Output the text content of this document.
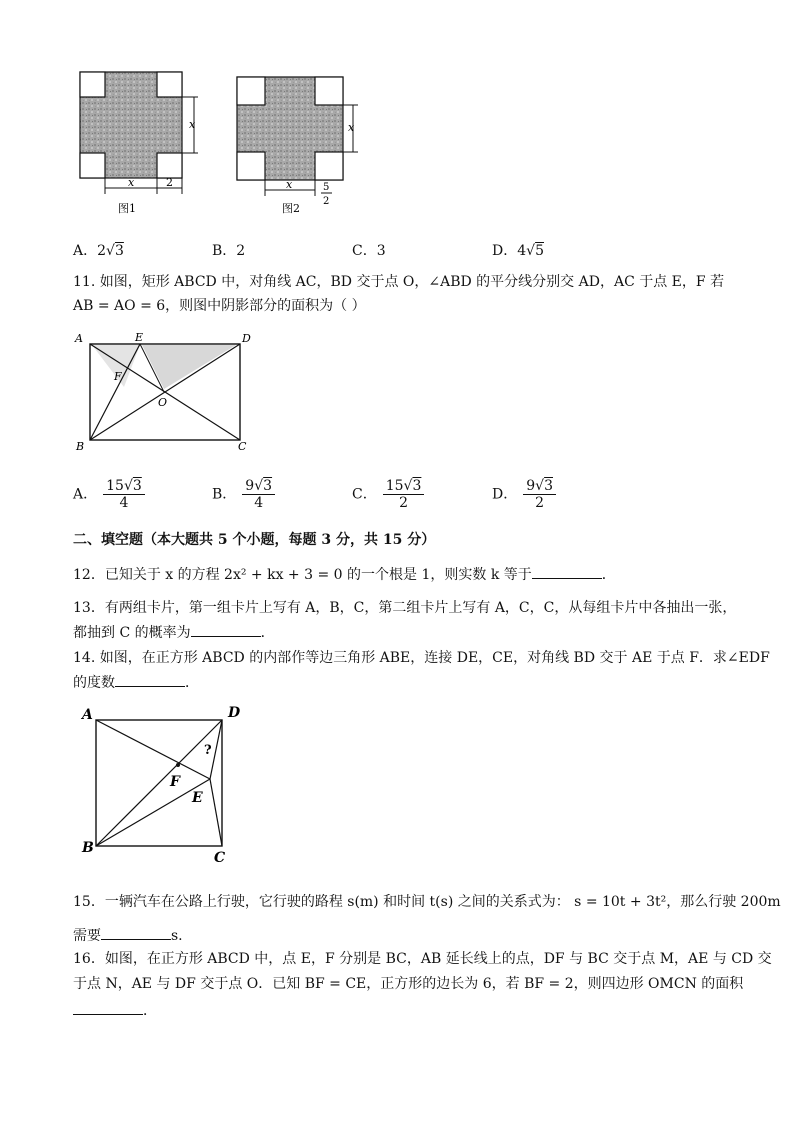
x
x	2
图1
x
x	5
2
图2
A．2√3	B．2	C．3	D．4√5
11. 如图，矩形 ABCD 中，对角线 AC，BD 交于点 O，∠ABD 的平分线分别交 AD，AC 于点 E，F 若
AB = AO = 6，则图中阴影部分的面积为（ ）
A	D
B	C
E
F
O
A． $\frac{15√3}{4}$	B． $\frac{9√3}{4}$	C． $\frac{15√3}{2}$	D． $\frac{9√3}{2}$
二、填空题（本大题共 5 个小题，每题 3 分，共 15 分）
12．已知关于 x 的方程 2x² + kx + 3 = 0 的一个根是 1，则实数 k 等于	．
13．有两组卡片，第一组卡片上写有 A，B，C，第二组卡片上写有 A，C，C，从每组卡片中各抽出一张，
都抽到 C 的概率为	．
14. 如图，在正方形 ABCD 的内部作等边三角形 ABE，连接 DE，CE，对角线 BD 交于 AE 于点 F．求∠EDF
的度数	．
A	D
B
C
F
E
?
15．一辆汽车在公路上行驶，它行驶的路程 s(m) 和时间 t(s) 之间的关系式为： s = 10t + 3t²，那么行驶 200m
需要	s.
16．如图，在正方形 ABCD 中，点 E，F 分别是 BC，AB 延长线上的点，DF 与 BC 交于点 M，AE 与 CD 交
于点 N，AE 与 DF 交于点 O．已知 BF = CE，正方形的边长为 6，若 BF = 2，则四边形 OMCN 的面积
．
